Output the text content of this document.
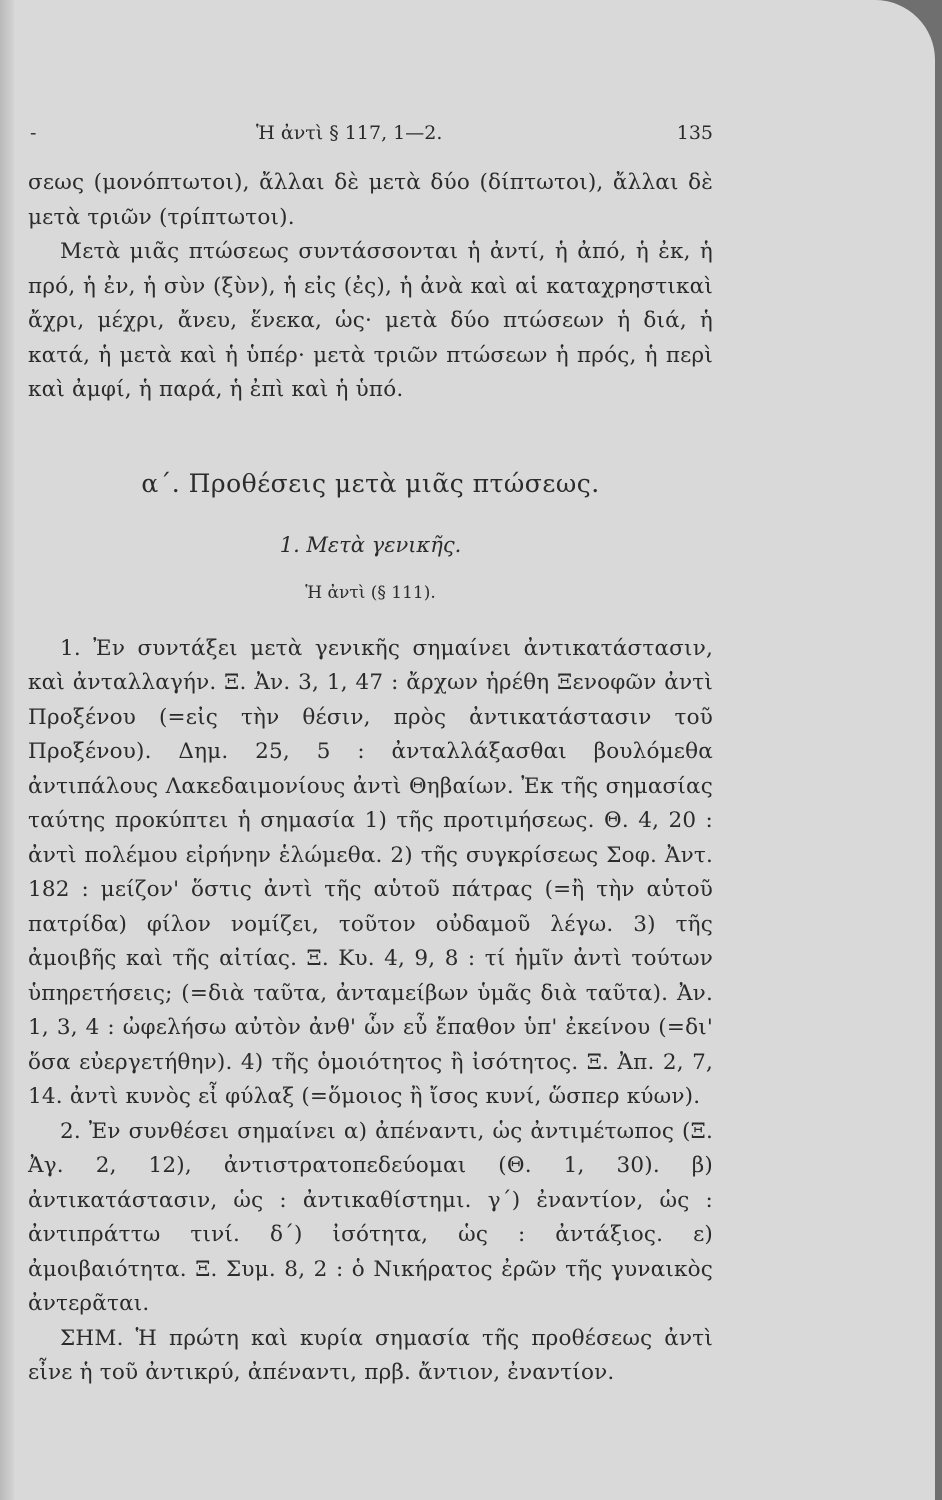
-	Ἡ ἀντὶ § 117, 1—2.	135

σεως (μονόπτωτοι), ἄλλαι δὲ μετὰ δύο (δίπτωτοι), ἄλλαι δὲ μετὰ τριῶν (τρίπτωτοι).

Μετὰ μιᾶς πτώσεως συντάσσονται ἡ ἀντί, ἡ ἀπό, ἡ ἐκ, ἡ πρό, ἡ ἐν, ἡ σὺν (ξὺν), ἡ εἰς (ἐς), ἡ ἀνὰ καὶ αἱ καταχρηστικαὶ ἄχρι, μέχρι, ἄνευ, ἕνεκα, ὡς· μετὰ δύο πτώσεων ἡ διά, ἡ κατά, ἡ μετὰ καὶ ἡ ὑπέρ· μετὰ τριῶν πτώσεων ἡ πρός, ἡ περὶ καὶ ἀμφί, ἡ παρά, ἡ ἐπὶ καὶ ἡ ὑπό.

α΄. Προθέσεις μετὰ μιᾶς πτώσεως.
1. Μετὰ γενικῆς.
Ἡ ἀντὶ (§ 111).

1. Ἐν συντάξει μετὰ γενικῆς σημαίνει ἀντικατάστασιν, καὶ ἀνταλλαγήν. Ξ. Ἀν. 3, 1, 47 : ἄρχων ἡρέθη Ξενοφῶν ἀντὶ Προξένου (=εἰς τὴν θέσιν, πρὸς ἀντικατάστασιν τοῦ Προξένου). Δημ. 25, 5 : ἀνταλλάξασθαι βουλόμεθα ἀντιπάλους Λακεδαιμονίους ἀντὶ Θηβαίων. Ἐκ τῆς σημασίας ταύτης προκύπτει ἡ σημασία 1) τῆς προτιμήσεως. Θ. 4, 20 : ἀντὶ πολέμου εἰρήνην ἑλώμεθα. 2) τῆς συγκρίσεως Σοφ. Ἀντ. 182 : μείζον' ὅστις ἀντὶ τῆς αὑτοῦ πάτρας (=ἢ τὴν αὑτοῦ πατρίδα) φίλον νομίζει, τοῦτον οὐδαμοῦ λέγω. 3) τῆς ἀμοιβῆς καὶ τῆς αἰτίας. Ξ. Κυ. 4, 9, 8 : τί ἡμῖν ἀντὶ τούτων ὑπηρετήσεις; (=διὰ ταῦτα, ἀνταμείβων ὑμᾶς διὰ ταῦτα). Ἀν. 1, 3, 4 : ὠφελήσω αὐτὸν ἀνθ' ὧν εὖ ἔπαθον ὑπ' ἐκείνου (=δι' ὅσα εὐεργετήθην). 4) τῆς ὁμοιότητος ἢ ἰσότητος. Ξ. Ἀπ. 2, 7, 14. ἀντὶ κυνὸς εἶ φύλαξ (=ὅμοιος ἢ ἴσος κυνί, ὥσπερ κύων).

2. Ἐν συνθέσει σημαίνει α) ἀπέναντι, ὡς ἀντιμέτωπος (Ξ. Ἀγ. 2, 12), ἀντιστρατοπεδεύομαι (Θ. 1, 30). β) ἀντικατάστασιν, ὡς : ἀντικαθίστημι. γ΄) ἐναντίον, ὡς : ἀντιπράττω τινί. δ΄) ἰσότητα, ὡς : ἀντάξιος. ε) ἀμοιβαιότητα. Ξ. Συμ. 8, 2 : ὁ Νικήρατος ἐρῶν τῆς γυναικὸς ἀντερᾶται.

ΣΗΜ. Ἡ πρώτη καὶ κυρία σημασία τῆς προθέσεως ἀντὶ εἶνε ἡ τοῦ ἀντικρύ, ἀπέναντι, πρβ. ἄντιον, ἐναντίον.
